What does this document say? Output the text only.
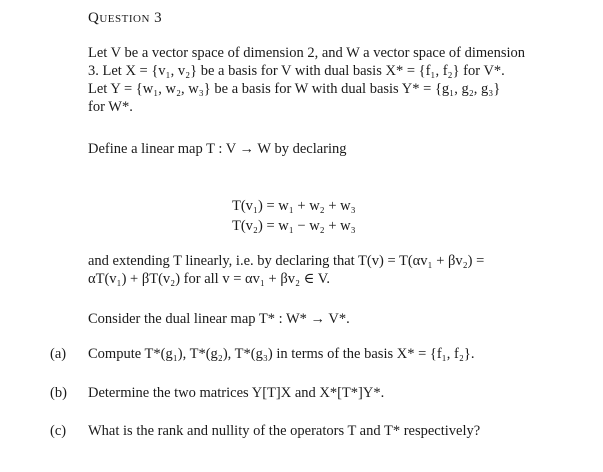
Question 3
Let V be a vector space of dimension 2, and W a vector space of dimension
3. Let X = {v₁, v₂} be a basis for V with dual basis X* = {f₁, f₂} for V*.
Let Y = {w₁, w₂, w₃} be a basis for W with dual basis Y* = {g₁, g₂, g₃}
for W*.
Define a linear map T : V → W by declaring
T(v₁) = w₁ + w₂ + w₃
T(v₂) = w₁ − w₂ + w₃
and extending T linearly, i.e. by declaring that T(v) = T(αv₁ + βv₂) =
αT(v₁) + βT(v₂) for all v = αv₁ + βv₂ ∈ V.
Consider the dual linear map T* : W* → V*.
(a) Compute T*(g₁), T*(g₂), T*(g₃) in terms of the basis X* = {f₁, f₂}.
(b) Determine the two matrices Y[T]X and X*[T*]Y*.
(c) What is the rank and nullity of the operators T and T* respectively?
